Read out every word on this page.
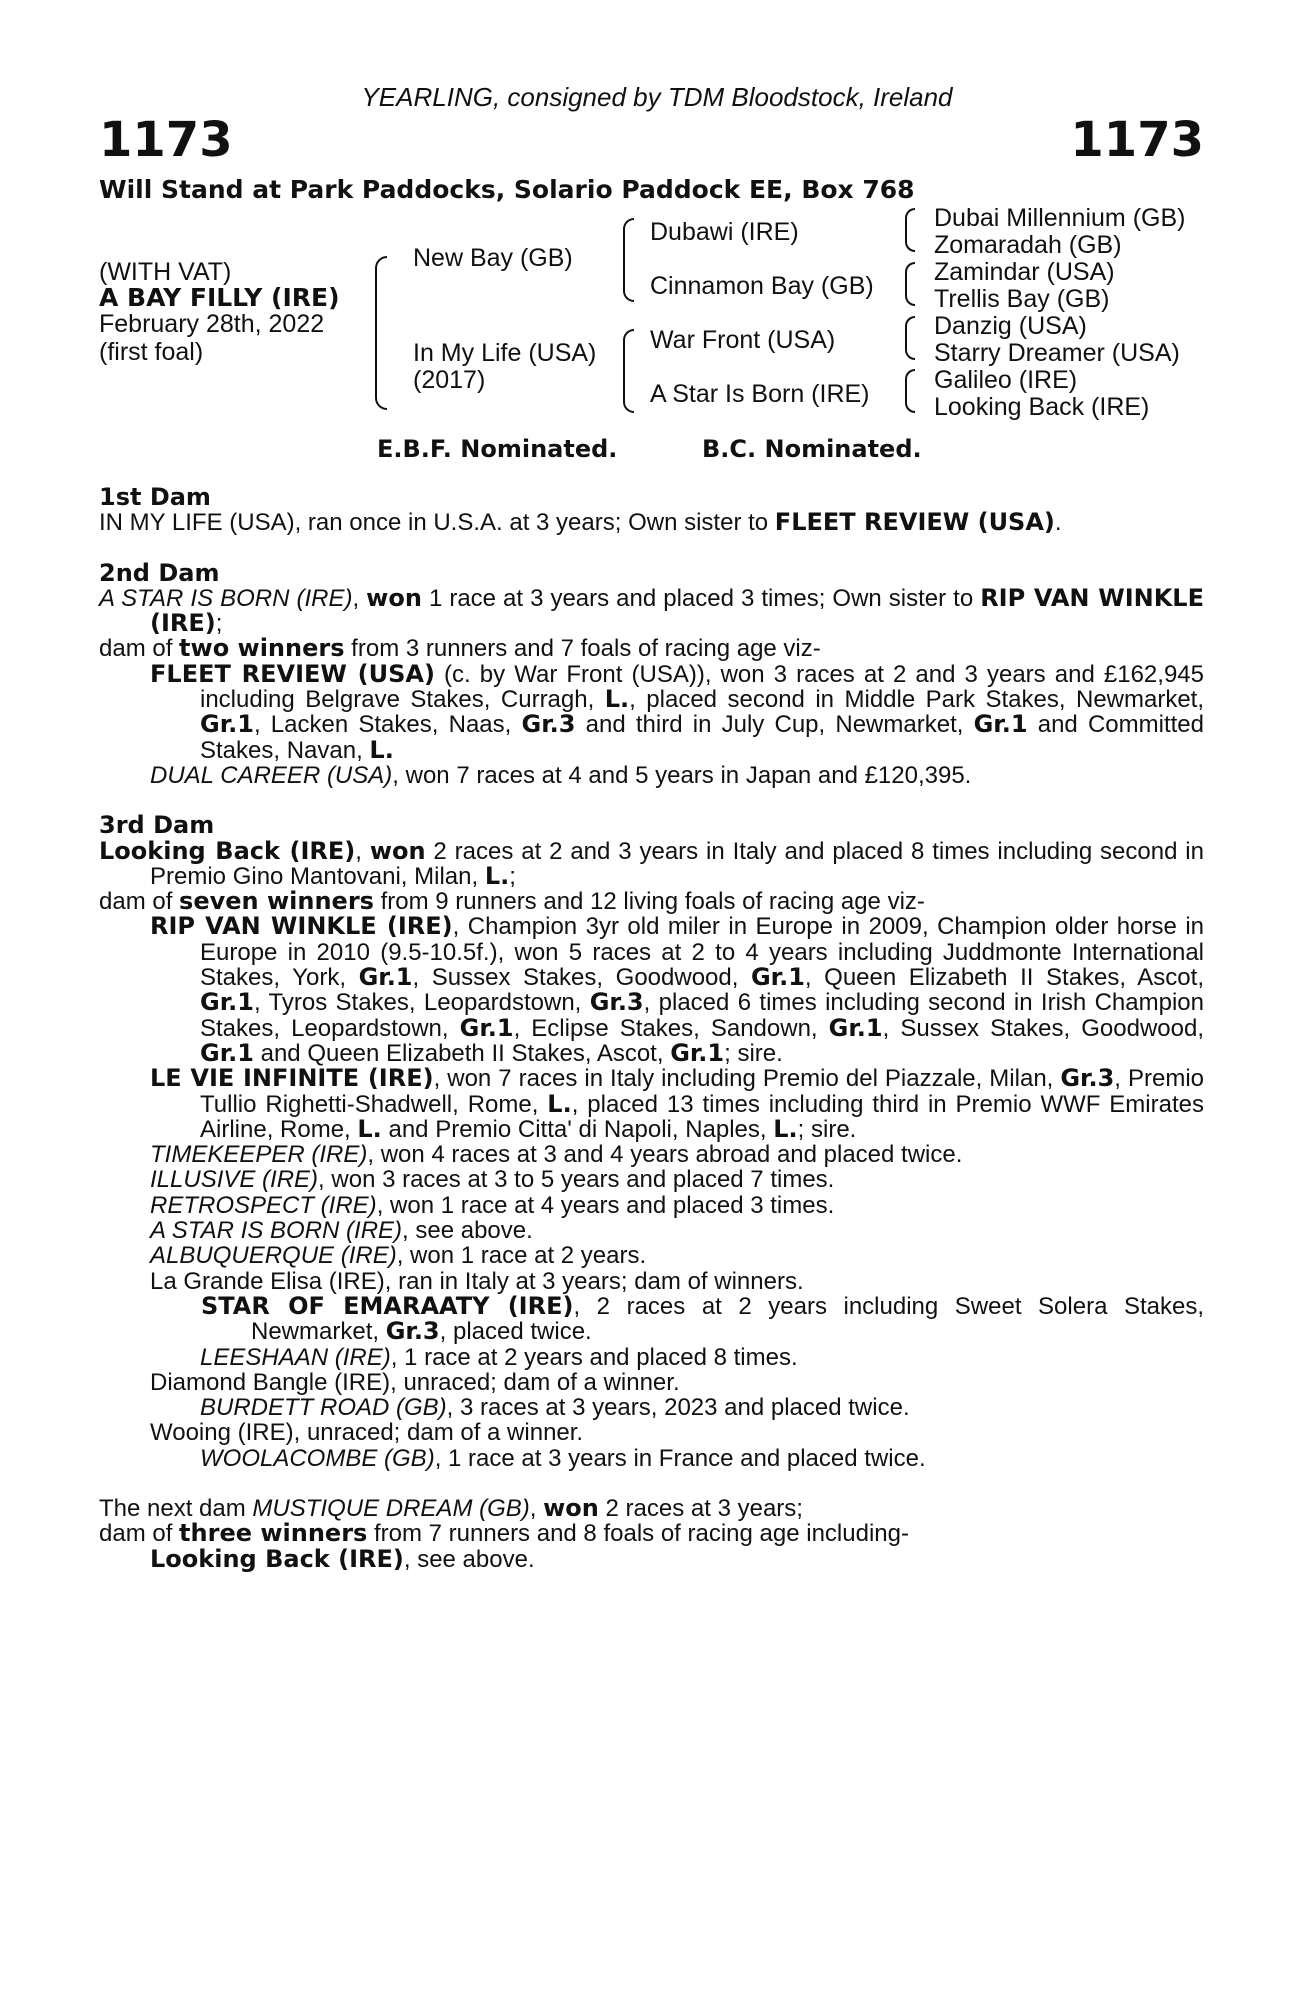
YEARLING, consigned by TDM Bloodstock, Ireland
1173	1173
Will Stand at Park Paddocks, Solario Paddock EE, Box 768
(WITH VAT)
A BAY FILLY (IRE)
February 28th, 2022
(first foal)
New Bay (GB)
In My Life (USA)
(2017)
Dubawi (IRE)
Cinnamon Bay (GB)
War Front (USA)
A Star Is Born (IRE)
Dubai Millennium (GB)
Zomaradah (GB)
Zamindar (USA)
Trellis Bay (GB)
Danzig (USA)
Starry Dreamer (USA)
Galileo (IRE)
Looking Back (IRE)
E.B.F. Nominated.	B.C. Nominated.

1st Dam

IN MY LIFE (USA), ran once in U.S.A. at 3 years; Own sister to FLEET REVIEW (USA).

2nd Dam

A STAR IS BORN (IRE), won 1 race at 3 years and placed 3 times; Own sister to RIP VAN WINKLE (IRE);

dam of two winners from 3 runners and 7 foals of racing age viz-

FLEET REVIEW (USA) (c. by War Front (USA)), won 3 races at 2 and 3 years and £162,945 including Belgrave Stakes, Curragh, L., placed second in Middle Park Stakes, Newmarket, Gr.1, Lacken Stakes, Naas, Gr.3 and third in July Cup, Newmarket, Gr.1 and Committed Stakes, Navan, L.

DUAL CAREER (USA), won 7 races at 4 and 5 years in Japan and £120,395.

3rd Dam

Looking Back (IRE), won 2 races at 2 and 3 years in Italy and placed 8 times including second in Premio Gino Mantovani, Milan, L.;

dam of seven winners from 9 runners and 12 living foals of racing age viz-

RIP VAN WINKLE (IRE), Champion 3yr old miler in Europe in 2009, Champion older horse in Europe in 2010 (9.5-10.5f.), won 5 races at 2 to 4 years including Juddmonte International Stakes, York, Gr.1, Sussex Stakes, Goodwood, Gr.1, Queen Elizabeth II Stakes, Ascot, Gr.1, Tyros Stakes, Leopardstown, Gr.3, placed 6 times including second in Irish Champion Stakes, Leopardstown, Gr.1, Eclipse Stakes, Sandown, Gr.1, Sussex Stakes, Goodwood, Gr.1 and Queen Elizabeth II Stakes, Ascot, Gr.1; sire.

LE VIE INFINITE (IRE), won 7 races in Italy including Premio del Piazzale, Milan, Gr.3, Premio Tullio Righetti-Shadwell, Rome, L., placed 13 times including third in Premio WWF Emirates Airline, Rome, L. and Premio Citta' di Napoli, Naples, L.; sire.

TIMEKEEPER (IRE), won 4 races at 3 and 4 years abroad and placed twice.

ILLUSIVE (IRE), won 3 races at 3 to 5 years and placed 7 times.

RETROSPECT (IRE), won 1 race at 4 years and placed 3 times.

A STAR IS BORN (IRE), see above.

ALBUQUERQUE (IRE), won 1 race at 2 years.

La Grande Elisa (IRE), ran in Italy at 3 years; dam of winners.

STAR OF EMARAATY (IRE), 2 races at 2 years including Sweet Solera Stakes, Newmarket, Gr.3, placed twice.

LEESHAAN (IRE), 1 race at 2 years and placed 8 times.

Diamond Bangle (IRE), unraced; dam of a winner.

BURDETT ROAD (GB), 3 races at 3 years, 2023 and placed twice.

Wooing (IRE), unraced; dam of a winner.

WOOLACOMBE (GB), 1 race at 3 years in France and placed twice.

The next dam MUSTIQUE DREAM (GB), won 2 races at 3 years;

dam of three winners from 7 runners and 8 foals of racing age including-

Looking Back (IRE), see above.
